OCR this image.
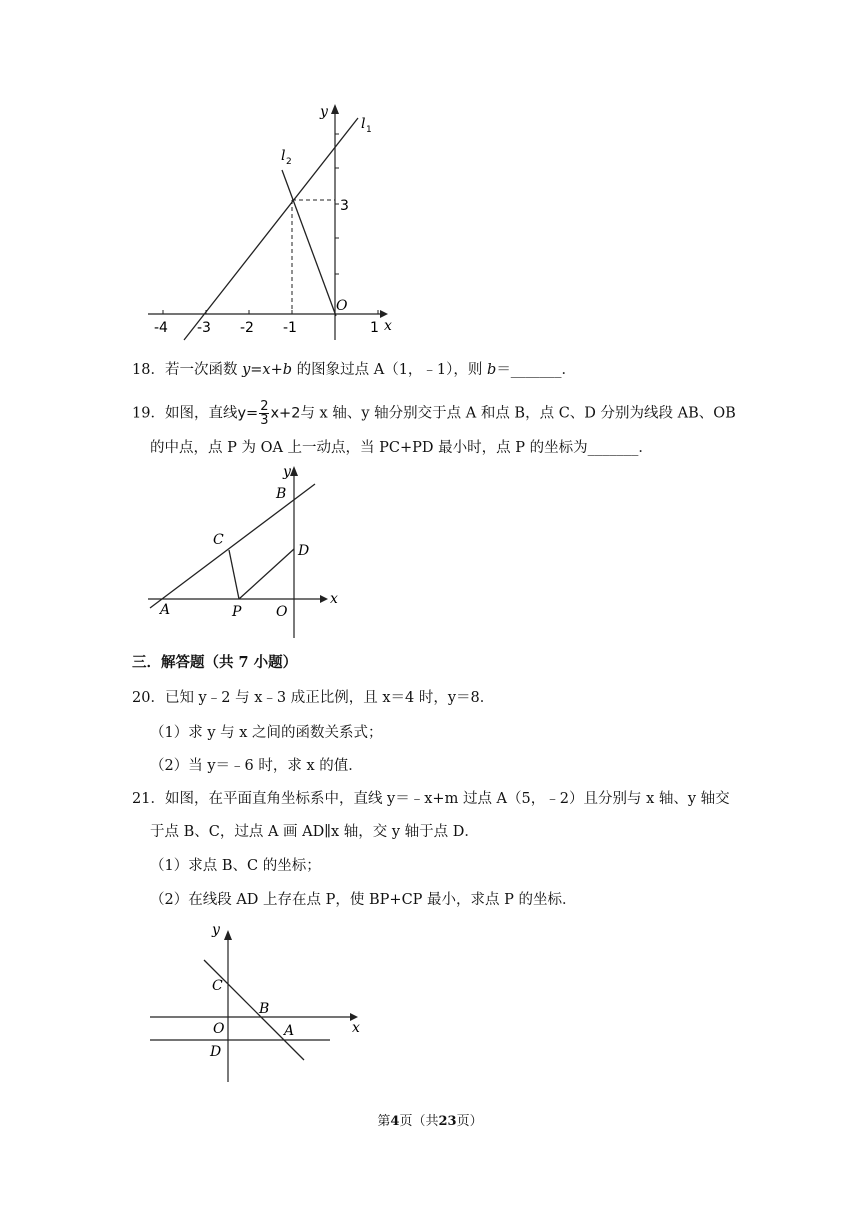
-4 -3 -2 -1	1 x
y
3
O
l 1
l 2
18．若一次函数 y=x+b 的图象过点 A（1，﹣1），则 b＝_______．
19．如图，直线$y= \frac{2}{3} x+2$与 x 轴、y 轴分别交于点 A 和点 B，点 C、D 分别为线段 AB、OB
的中点，点 P 为 OA 上一动点，当 PC+PD 最小时，点 P 的坐标为_______．
y
B
C
D
A	P O
x
三．解答题（共 7 小题）
20．已知 y﹣2 与 x﹣3 成正比例，且 x＝4 时，y＝8．
（1）求 y 与 x 之间的函数关系式；
（2）当 y＝﹣6 时，求 x 的值．
21．如图，在平面直角坐标系中，直线 y＝﹣x+m 过点 A（5，﹣2）且分别与 x 轴、y 轴交
于点 B、C，过点 A 画 AD∥x 轴，交 y 轴于点 D．
（1）求点 B、C 的坐标；
（2）在线段 AD 上存在点 P，使 BP+CP 最小，求点 P 的坐标．
y
C
B
O	A	x
D
第4页（共23页）
